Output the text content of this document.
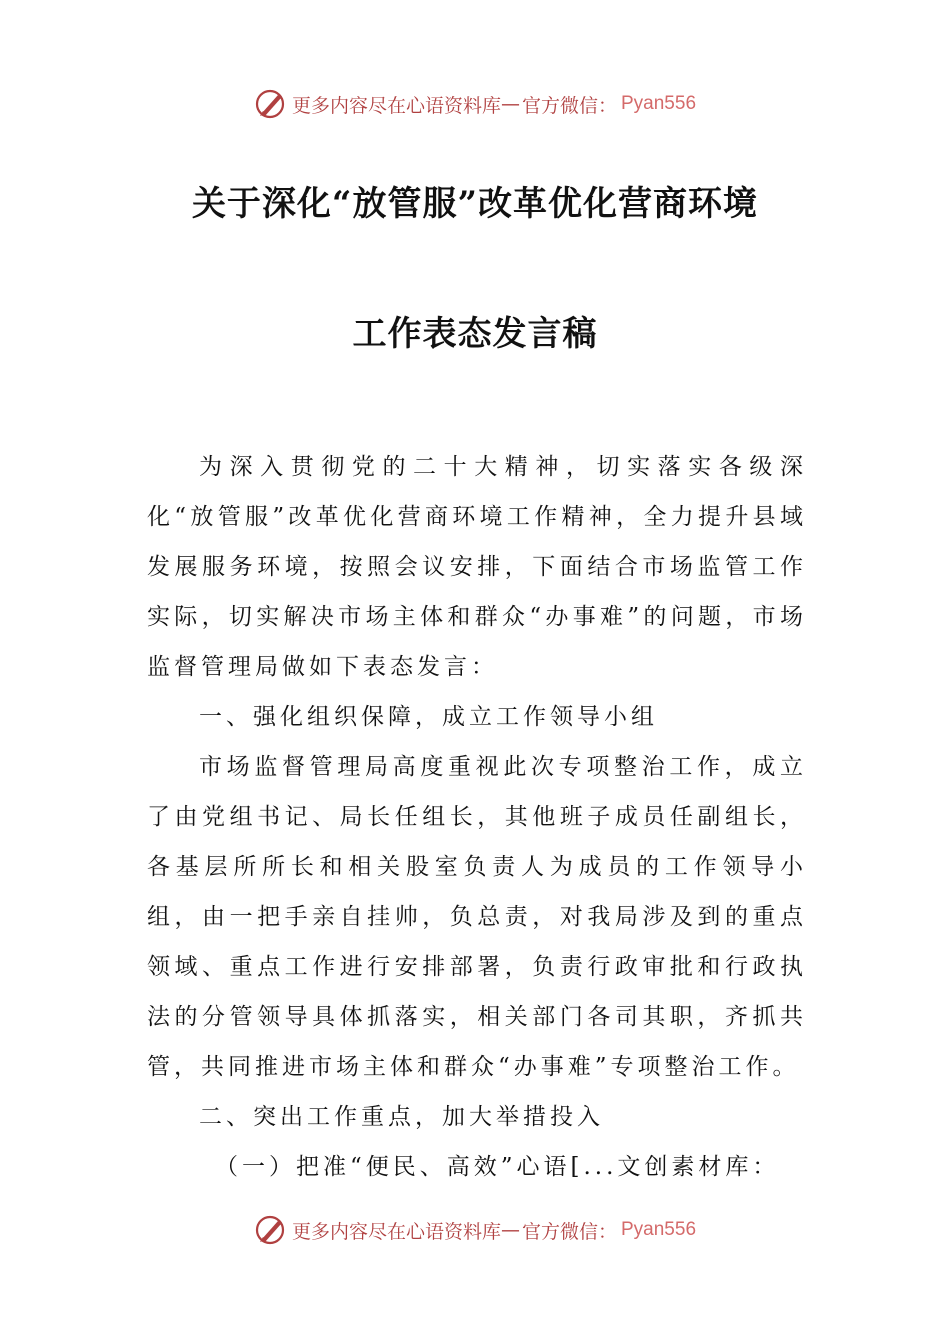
更多内容尽在心语资料库 — 官方微信： Pyan556
关于深化“放管服”改革优化营商环境
工作表态发言稿

为深入贯彻党的二十大精神，切实落实各级深化“放管服”改革优化营商环境工作精神，全力提升县域发展服务环境，按照会议安排，下面结合市场监管工作实际，切实解决市场主体和群众“办事难”的问题，市场监督管理局做如下表态发言：

一、强化组织保障，成立工作领导小组

市场监督管理局高度重视此次专项整治工作，成立了由党组书记、局长任组长，其他班子成员任副组长，各基层所所长和相关股室负责人为成员的工作领导小组，由一把手亲自挂帅，负总责，对我局涉及到的重点领域、重点工作进行安排部署，负责行政审批和行政执法的分管领导具体抓落实，相关部门各司其职，齐抓共管，共同推进市场主体和群众“办事难”专项整治工作。

二、突出工作重点，加大举措投入

（一）把准“便民、高效”心语[...文创素材库：

更多内容尽在心语资料库 — 官方微信： Pyan556
